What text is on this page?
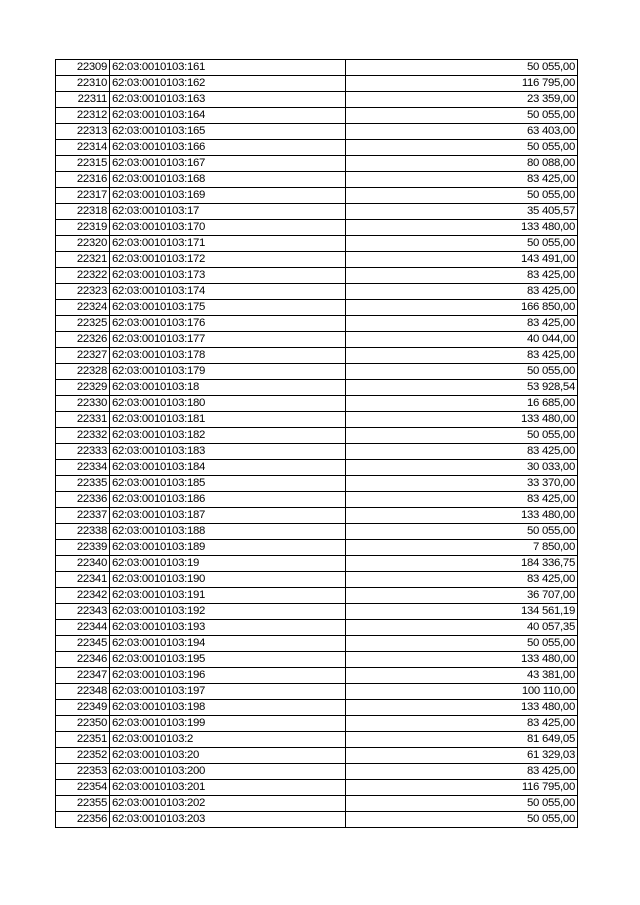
22309	62:03:0010103:161	50 055,00
22310	62:03:0010103:162	116 795,00
22311	62:03:0010103:163	23 359,00
22312	62:03:0010103:164	50 055,00
22313	62:03:0010103:165	63 403,00
22314	62:03:0010103:166	50 055,00
22315	62:03:0010103:167	80 088,00
22316	62:03:0010103:168	83 425,00
22317	62:03:0010103:169	50 055,00
22318	62:03:0010103:17	35 405,57
22319	62:03:0010103:170	133 480,00
22320	62:03:0010103:171	50 055,00
22321	62:03:0010103:172	143 491,00
22322	62:03:0010103:173	83 425,00
22323	62:03:0010103:174	83 425,00
22324	62:03:0010103:175	166 850,00
22325	62:03:0010103:176	83 425,00
22326	62:03:0010103:177	40 044,00
22327	62:03:0010103:178	83 425,00
22328	62:03:0010103:179	50 055,00
22329	62:03:0010103:18	53 928,54
22330	62:03:0010103:180	16 685,00
22331	62:03:0010103:181	133 480,00
22332	62:03:0010103:182	50 055,00
22333	62:03:0010103:183	83 425,00
22334	62:03:0010103:184	30 033,00
22335	62:03:0010103:185	33 370,00
22336	62:03:0010103:186	83 425,00
22337	62:03:0010103:187	133 480,00
22338	62:03:0010103:188	50 055,00
22339	62:03:0010103:189	7 850,00
22340	62:03:0010103:19	184 336,75
22341	62:03:0010103:190	83 425,00
22342	62:03:0010103:191	36 707,00
22343	62:03:0010103:192	134 561,19
22344	62:03:0010103:193	40 057,35
22345	62:03:0010103:194	50 055,00
22346	62:03:0010103:195	133 480,00
22347	62:03:0010103:196	43 381,00
22348	62:03:0010103:197	100 110,00
22349	62:03:0010103:198	133 480,00
22350	62:03:0010103:199	83 425,00
22351	62:03:0010103:2	81 649,05
22352	62:03:0010103:20	61 329,03
22353	62:03:0010103:200	83 425,00
22354	62:03:0010103:201	116 795,00
22355	62:03:0010103:202	50 055,00
22356	62:03:0010103:203	50 055,00
